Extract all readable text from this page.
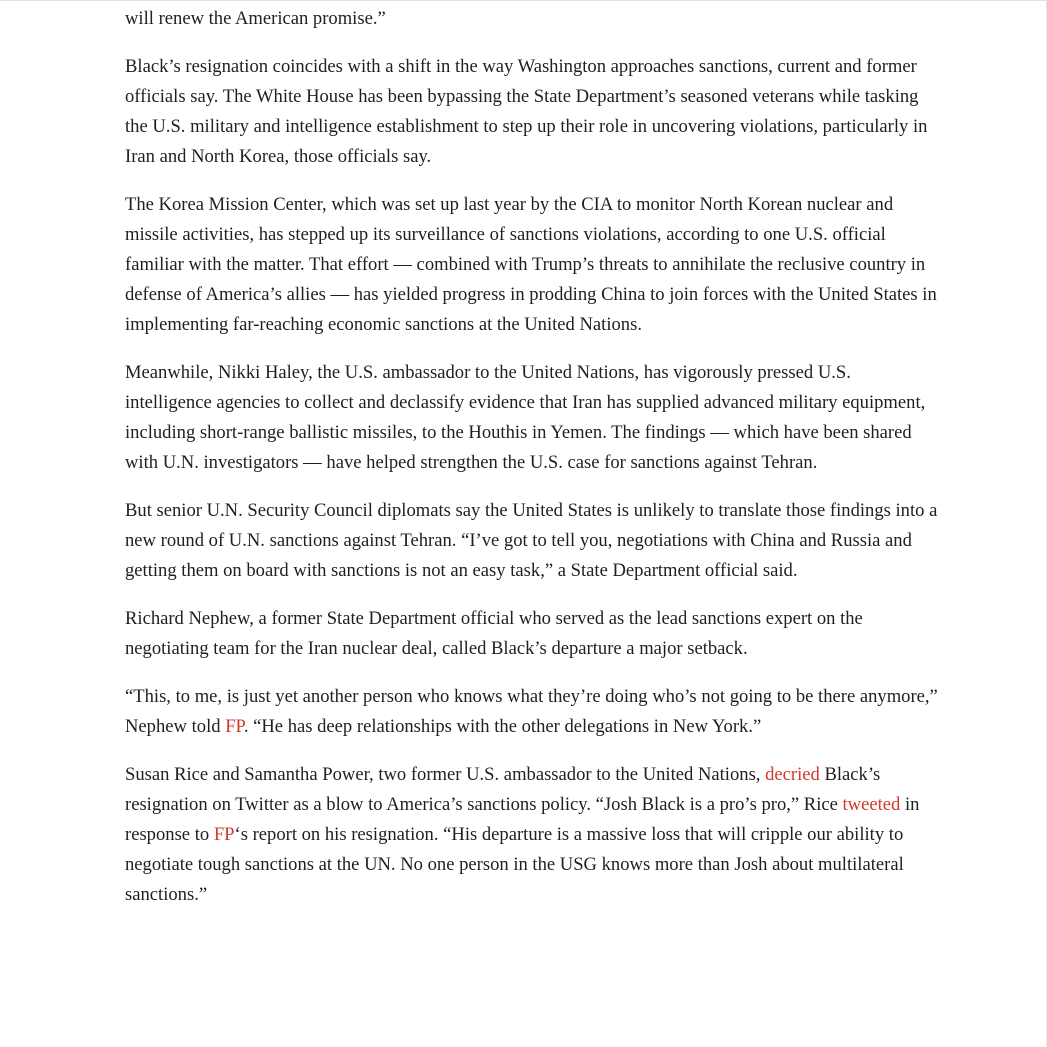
will renew the American promise.”

Black’s resignation coincides with a shift in the way Washington approaches sanctions, current and former officials say. The White House has been bypassing the State Department’s seasoned veterans while tasking the U.S. military and intelligence establishment to step up their role in uncovering violations, particularly in Iran and North Korea, those officials say.

The Korea Mission Center, which was set up last year by the CIA to monitor North Korean nuclear and missile activities, has stepped up its surveillance of sanctions violations, according to one U.S. official familiar with the matter. That effort — combined with Trump’s threats to annihilate the reclusive country in defense of America’s allies — has yielded progress in prodding China to join forces with the United States in implementing far-reaching economic sanctions at the United Nations.

Meanwhile, Nikki Haley, the U.S. ambassador to the United Nations, has vigorously pressed U.S. intelligence agencies to collect and declassify evidence that Iran has supplied advanced military equipment, including short-range ballistic missiles, to the Houthis in Yemen. The findings — which have been shared with U.N. investigators — have helped strengthen the U.S. case for sanctions against Tehran.

But senior U.N. Security Council diplomats say the United States is unlikely to translate those findings into a new round of U.N. sanctions against Tehran. “I’ve got to tell you, negotiations with China and Russia and getting them on board with sanctions is not an easy task,” a State Department official said.

Richard Nephew, a former State Department official who served as the lead sanctions expert on the negotiating team for the Iran nuclear deal, called Black’s departure a major setback.

“This, to me, is just yet another person who knows what they’re doing who’s not going to be there anymore,” Nephew told FP. “He has deep relationships with the other delegations in New York.”

Susan Rice and Samantha Power, two former U.S. ambassador to the United Nations, decried Black’s resignation on Twitter as a blow to America’s sanctions policy. “Josh Black is a pro’s pro,” Rice tweeted in response to FP‘s report on his resignation. “His departure is a massive loss that will cripple our ability to negotiate tough sanctions at the UN. No one person in the USG knows more than Josh about multilateral sanctions.”
